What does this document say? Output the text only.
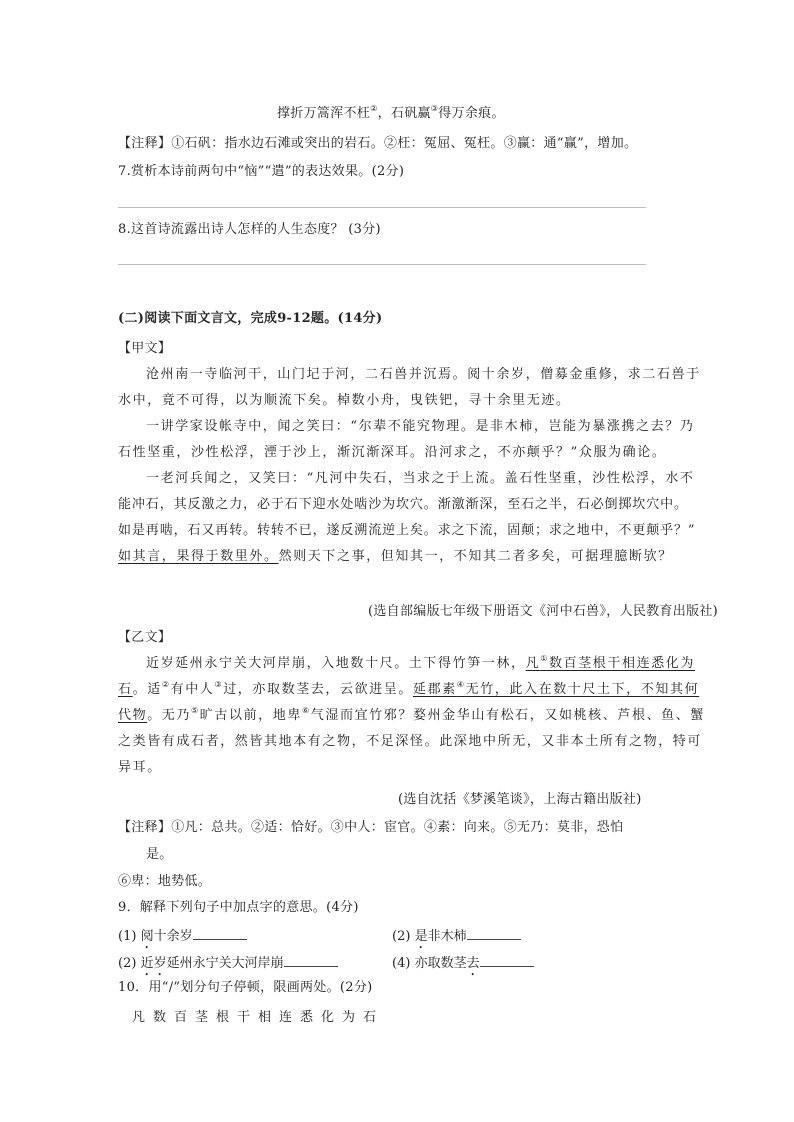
撑折万篙浑不枉②，石矾赢③得万余痕。
【注释】①石矾：指水边石滩或突出的岩石。②枉：冤屈、冤枉。③赢：通“赢”，增加。
7.赏析本诗前两句中“恼”“遣”的表达效果。(2分)
8.这首诗流露出诗人怎样的人生态度？ (3分)
(二)阅读下面文言文，完成9-12题。(14分)
【甲文】
沧州南一寺临河干，山门圮于河，二石兽并沉焉。阅十余岁，僧募金重修，求二石兽于
水中，竟不可得，以为顺流下矣。棹数小舟，曳铁钯，寻十余里无迹。
一讲学家设帐寺中，闻之笑曰：“尔辈不能究物理。是非木柿，岂能为暴涨携之去？乃
石性坚重，沙性松浮，湮于沙上，渐沉渐深耳。沿河求之，不亦颠乎？”众服为确论。
一老河兵闻之，又笑曰：“凡河中失石，当求之于上流。盖石性坚重，沙性松浮，水不
能冲石，其反激之力，必于石下迎水处啮沙为坎穴。渐激渐深，至石之半，石必倒掷坎穴中。
如是再啮，石又再转。转转不已，遂反溯流逆上矣。求之下流，固颠；求之地中，不更颠乎？”
如其言，果得于数里外。然则天下之事，但知其一，不知其二者多矣，可据理臆断欤？
(选自部编版七年级下册语文《河中石兽》，人民教育出版社)
【乙文】
近岁延州永宁关大河岸崩，入地数十尺。土下得竹笋一林，凡①数百茎根干相连悉化为
石。适②有中人③过，亦取数茎去，云欲进呈。延郡素④无竹，此入在数十尺土下，不知其何
代物。无乃⑤旷古以前，地卑⑥气湿而宜竹邪？婺州金华山有松石，又如桃核、芦根、鱼、蟹
之类皆有成石者，然皆其地本有之物，不足深怪。此深地中所无，又非本土所有之物，特可
异耳。
(选自沈括《梦溪笔谈》，上海古籍出版社)
【注释】①凡：总共。②适：恰好。③中人：宦官。④素：向来。⑤无乃：莫非，恐怕
是。
⑥卑：地势低。
9．解释下列句子中加点字的意思。(4分)
(1) 阅十余岁	(2) 是非木柿
(2) 近岁延州永宁关大河岸崩	(4) 亦取数茎去
10．用“/”划分句子停顿，限画两处。(2分)
凡数百茎根干相连悉化为石
